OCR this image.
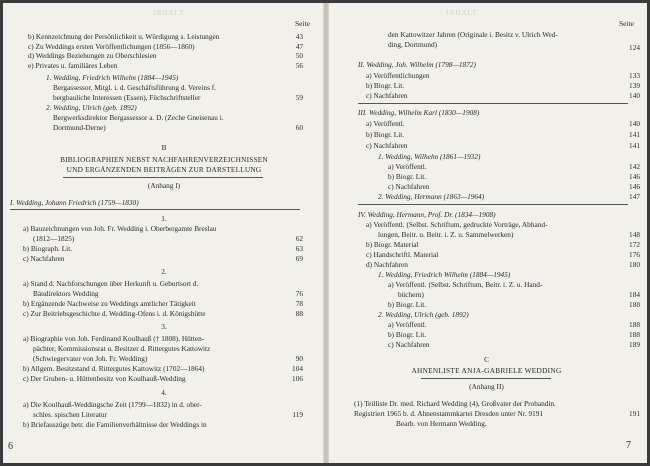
INHALT
Seite
b) Kennzeichnung der Persönlichkeit u. Würdigung s. Leistungen	43
c) Zu Weddings ersten Veröffentlichungen (1856—1860)	47
d) Weddings Beziehungen zu Oberschlesien	50
e) Privates u. familiäres Leben	56
1. Wedding, Friedrich Wilhelm (1884—1945)
Bergassessor, Mitgl. i. d. Geschäftsführung d. Vereins f.
bergbauliche Interessen (Essen), Füchschriftsteller	59
2. Wedding, Ulrich (geb. 1892)
Bergwerksdirektor Bergassessor a. D. (Zeche Gneisenau i.
Dortmund-Derne)	60
B
BIBLIOGRAPHIEN NEBST NACHFAHRENVERZEICHNISSEN
UND ERGÄNZENDEN BEITRÄGEN ZUR DARSTELLUNG
(Anhang I)
I. Wedding, Johann Friedrich (1759—1830)
1.
a) Bauzeichnungen von Joh. Fr. Wedding i. Oberbergamte Breslau
(1812—1825)	62
b) Biograph. Lit.	63
c) Nachfahren	69
2.
a) Stand d. Nachforschungen über Herkunft u. Geburtsort d.
Bäudirektors Wedding	76
b) Ergänzende Nachweise zu Weddings amtlicher Tätigkeit	78
c) Zur Beitriebsgeschichte d. Wedding-Ofens i. d. Königshütte	88
3.
a) Biographie von Joh. Ferdinand Koulhauß († 1808). Hütten-
pächter, Kommissionsrat u. Besitzer d. Rittergutes Kattowitz
(Schwiegervater von Joh. Fr. Wedding)	90
b) Allgem. Besitzstand d. Rittergutes Kattowitz (1702—1864)	104
c) Der Gruben- u. Hüttenbesitz von Koulhauß-Wedding	106
4.
a) Die Koulhauß-Weddingsche Zeit (1799—1832) in d. ober-
schles. spischen Literatur	119
b) Briefauszüge betr. die Familienverhältnisse der Weddings in
6
INHALT
Seite
den Kattowitzer Jahren (Originale i. Besitz v. Ulrich Wed-
ding, Dortmund)	124
II. Wedding, Joh. Wilhelm (1798—1872)
a) Veröffentlichungen	133
b) Biogr. Lit.	139
c) Nachfahren	140
III. Wedding, Wilhelm Karl (1830—1908)
a) Veröffentl.	140
b) Biogr. Lit.	141
c) Nachfahren	141
1. Wedding, Wilhelm (1861—1932)
a) Veröffentl.	142
b) Biogr. Lit.	146
c) Nachfahren	146
2. Wedding, Hermann (1863—1964)	147
IV. Wedding, Hermann, Prof. Dr. (1834—1908)
a) Veröffentl. (Selbst. Schriftum, gedruckte Vorträge, Abhand-
lungen, Beitr. u. Beitr. i. Z. u. Sammelwerken)	148
b) Biogr. Material	172
c) Handschriftl. Material	176
d) Nachfahren	180
1. Wedding, Friedrich Wilhelm (1884—1945)
a) Veröffentl. (Selbst. Schriftum, Beitr. i. Z. u. Hand-
büchern)	184
b) Biogr. Lit.	188
2. Wedding, Ulrich (geb. 1892)
a) Veröffentl.	188
b) Biogr. Lit.	188
c) Nachfahren	189
C
AHNENLISTE ANJA-GABRIELE WEDDING
(Anhang II)
(1) Teilliste Dr. med. Richard Wedding (4), Großvater der Probandin.
Registriert 1965 b. d. Ahnenstammkartei Dresden unter Nr. 9191	191
Bearb. von Hermann Wedding.
7
